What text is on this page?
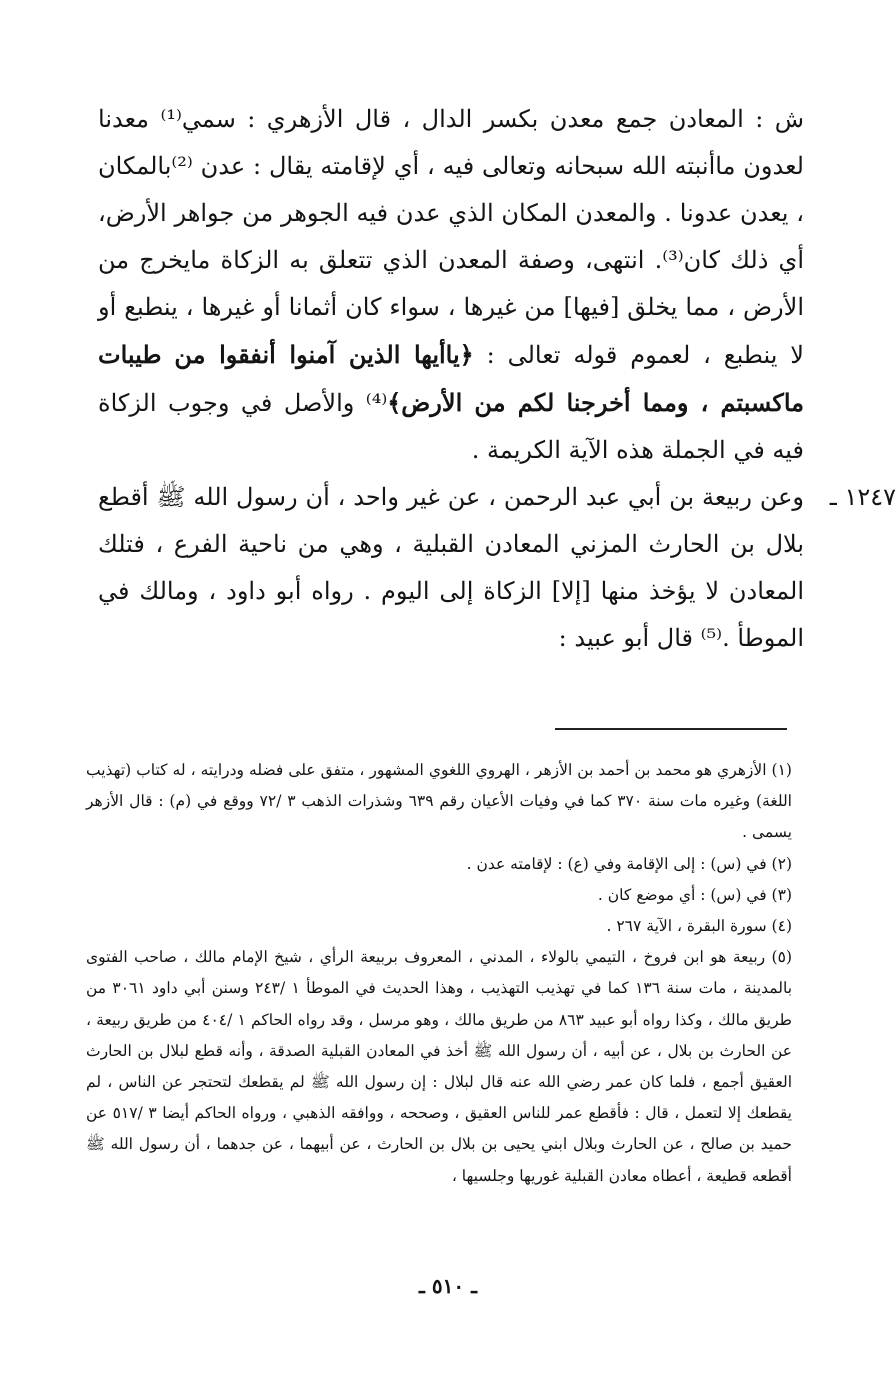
ش : المعادن جمع معدن بكسر الدال ، قال الأزهري : سمي⁽¹⁾ معدنا لعدون ماأنبته الله سبحانه وتعالى فيه ، أي لإقامته يقال : عدن ⁽²⁾بالمكان ، يعدن عدونا . والمعدن المكان الذي عدن فيه الجوهر من جواهر الأرض، أي ذلك كان⁽³⁾. انتهى، وصفة المعدن الذي تتعلق به الزكاة مايخرج من الأرض ، مما يخلق [فيها] من غيرها ، سواء كان أثمانا أو غيرها ، ينطبع أو لا ينطبع ، لعموم قوله تعالى : ﴿ياأيها الذين آمنوا أنفقوا من طيبات ماكسبتم ، ومما أخرجنا لكم من الأرض﴾⁽⁴⁾ والأصل في وجوب الزكاة فيه في الجملة هذه الآية الكريمة .

١٢٤٧ ـ

وعن ربيعة بن أبي عبد الرحمن ، عن غير واحد ، أن رسول الله ﷺ أقطع بلال بن الحارث المزني المعادن القبلية ، وهي من ناحية الفرع ، فتلك المعادن لا يؤخذ منها [إلا] الزكاة إلى اليوم . رواه أبو داود ، ومالك في الموطأ .⁽⁵⁾ قال أبو عبيد :

(١) الأزهري هو محمد بن أحمد بن الأزهر ، الهروي اللغوي المشهور ، متفق على فضله ودرايته ، له كتاب (تهذيب اللغة) وغيره مات سنة ٣٧٠ كما في وفيات الأعيان رقم ٦٣٩ وشذرات الذهب ٣ /٧٢ ووقع في (م) : قال الأزهر يسمى .

(٢) في (س) : إلى الإقامة وفي (ع) : لإقامته عدن .

(٣) في (س) : أي موضع كان .

(٤) سورة البقرة ، الآية ٢٦٧ .

(٥) ربيعة هو ابن فروخ ، التيمي بالولاء ، المدني ، المعروف بربيعة الرأي ، شيخ الإمام مالك ، صاحب الفتوى بالمدينة ، مات سنة ١٣٦ كما في تهذيب التهذيب ، وهذا الحديث في الموطأ ١ /٢٤٣ وسنن أبي داود ٣٠٦١ من طريق مالك ، وكذا رواه أبو عبيد ٨٦٣ من طريق مالك ، وهو مرسل ، وقد رواه الحاكم ١ /٤٠٤ من طريق ربيعة ، عن الحارث بن بلال ، عن أبيه ، أن رسول الله ﷺ أخذ في المعادن القبلية الصدقة ، وأنه قطع لبلال بن الحارث العقيق أجمع ، فلما كان عمر رضي الله عنه قال لبلال : إن رسول الله ﷺ لم يقطعك لتحتجر عن الناس ، لم يقطعك إلا لتعمل ، قال : فأقطع عمر للناس العقيق ، وصححه ، ووافقه الذهبي ، ورواه الحاكم أيضا ٣ /٥١٧ عن حميد بن صالح ، عن الحارث وبلال ابني يحيى بن بلال بن الحارث ، عن أبيهما ، عن جدهما ، أن رسول الله ﷺ أقطعه قطيعة ، أعطاه معادن القبلية غوريها وجلسيها ،

ـ ٥١٠ ـ
